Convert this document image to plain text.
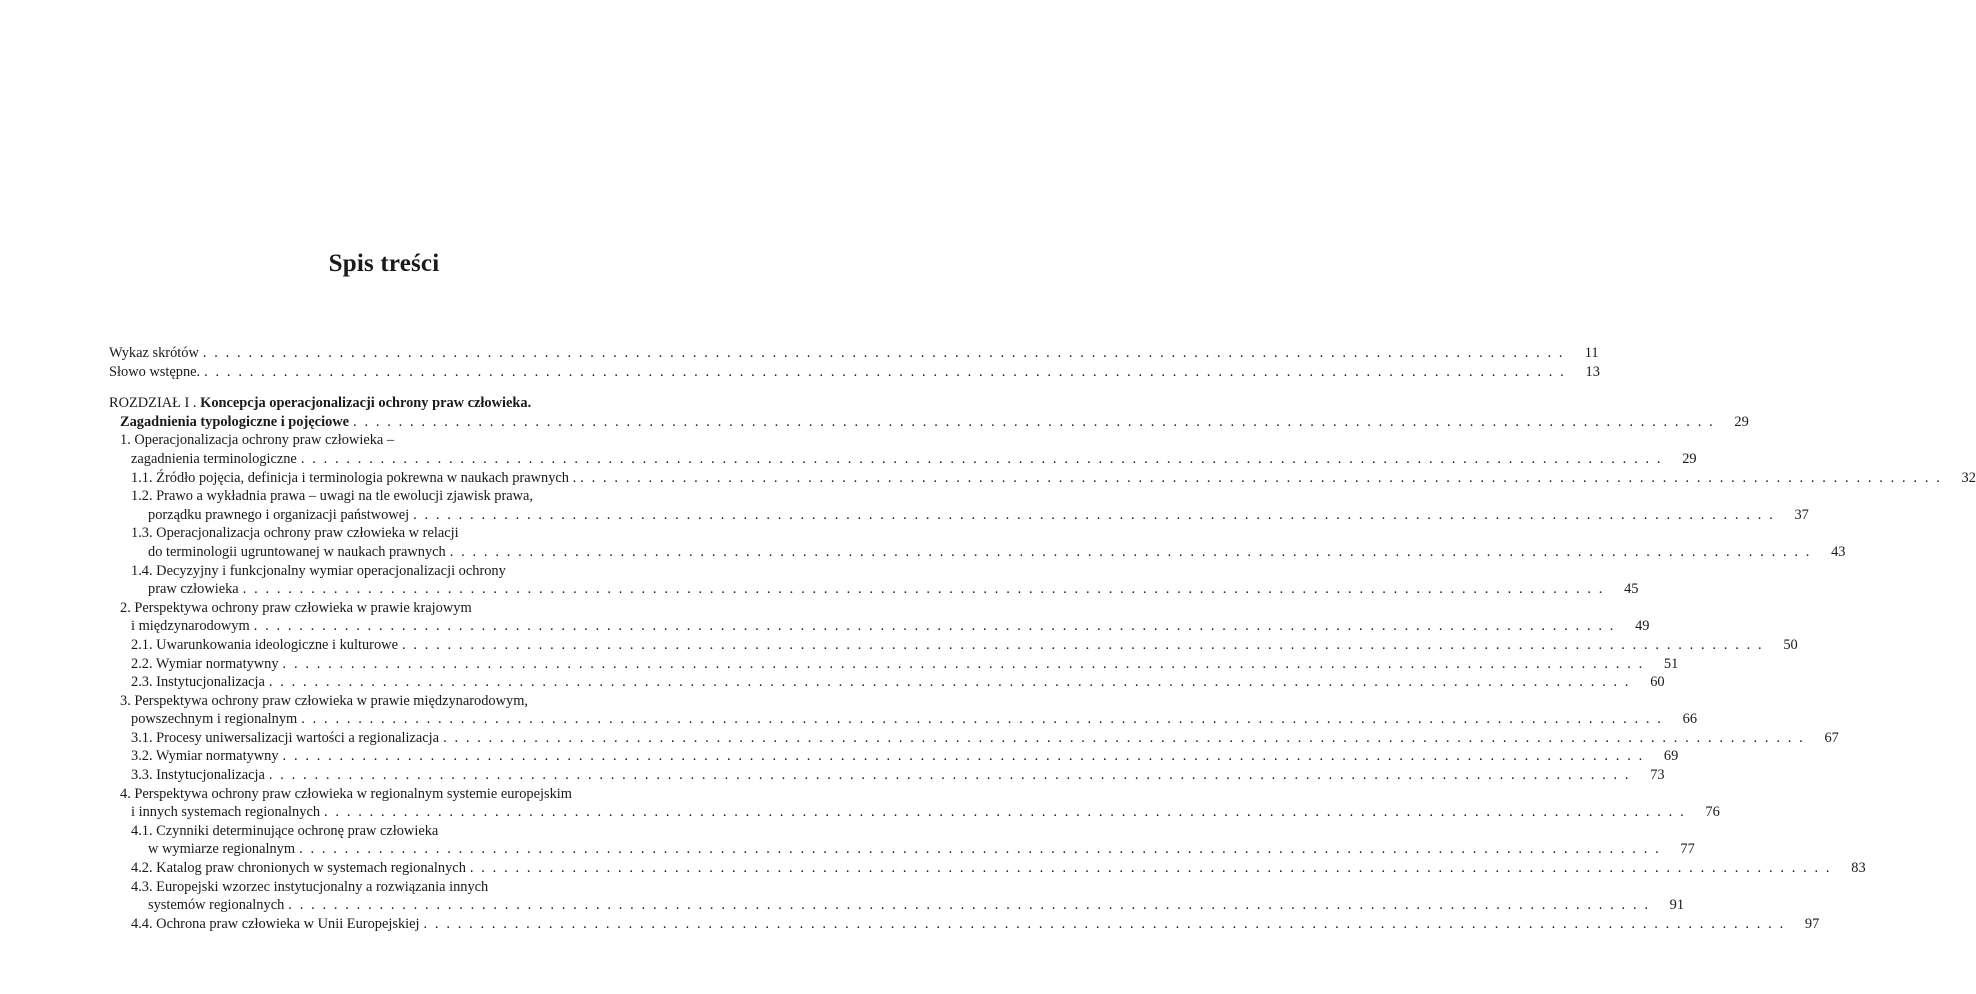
Spis treści
Wykaz skrótów . . . . . . . . . . . . . . . . . . . . . . . . . . . . . . . . . . . . . . . . . . . . . . . . . . . . . . . . . . . . . . . . . . . . . . . . . . . . . . . . . . . . . . . . . . . . . . . . . . . . . . . . . . . . . . . . . . . . . . . .	11
Słowo wstępne. . . . . . . . . . . . . . . . . . . . . . . . . . . . . . . . . . . . . . . . . . . . . . . . . . . . . . . . . . . . . . . . . . . . . . . . . . . . . . . . . . . . . . . . . . . . . . . . . . . . . . . . . . . . . . . . . . . . . . . . .	13
ROZDZIAŁ I . Koncepcja operacjonalizacji ochrony praw człowieka.
Zagadnienia typologiczne i pojęciowe . . . . . . . . . . . . . . . . . . . . . . . . . . . . . . . . . . . . . . . . . . . . . . . . . . . . . . . . . . . . . . . . . . . . . . . . . . . . . . . . . . . . . . . . . . . . . . . . . . . . . . . . . . . . . . . . . . . . . . . .	29
1. Operacjonalizacja ochrony praw człowieka –
zagadnienia terminologiczne . . . . . . . . . . . . . . . . . . . . . . . . . . . . . . . . . . . . . . . . . . . . . . . . . . . . . . . . . . . . . . . . . . . . . . . . . . . . . . . . . . . . . . . . . . . . . . . . . . . . . . . . . . . . . . . . . . . . . . . .	29
1.1. Źródło pojęcia, definicja i terminologia pokrewna w naukach prawnych . . . . . . . . . . . . . . . . . . . . . . . . . . . . . . . . . . . . . . . . . . . . . . . . . . . . . . . . . . . . . . . . . . . . . . . . . . . . . . . . . . . . . . . . . . . . . . . . . . . . . . . . . . . . . . . . . . . . . . . . .	32
1.2. Prawo a wykładnia prawa – uwagi na tle ewolucji zjawisk prawa,
porządku prawnego i organizacji państwowej . . . . . . . . . . . . . . . . . . . . . . . . . . . . . . . . . . . . . . . . . . . . . . . . . . . . . . . . . . . . . . . . . . . . . . . . . . . . . . . . . . . . . . . . . . . . . . . . . . . . . . . . . . . . . . . . . . . . . . . .	37
1.3. Operacjonalizacja ochrony praw człowieka w relacji
do terminologii ugruntowanej w naukach prawnych . . . . . . . . . . . . . . . . . . . . . . . . . . . . . . . . . . . . . . . . . . . . . . . . . . . . . . . . . . . . . . . . . . . . . . . . . . . . . . . . . . . . . . . . . . . . . . . . . . . . . . . . . . . . . . . . . . . . . . . .	43
1.4. Decyzyjny i funkcjonalny wymiar operacjonalizacji ochrony
praw człowieka . . . . . . . . . . . . . . . . . . . . . . . . . . . . . . . . . . . . . . . . . . . . . . . . . . . . . . . . . . . . . . . . . . . . . . . . . . . . . . . . . . . . . . . . . . . . . . . . . . . . . . . . . . . . . . . . . . . . . . . .	45
2. Perspektywa ochrony praw człowieka w prawie krajowym
i międzynarodowym . . . . . . . . . . . . . . . . . . . . . . . . . . . . . . . . . . . . . . . . . . . . . . . . . . . . . . . . . . . . . . . . . . . . . . . . . . . . . . . . . . . . . . . . . . . . . . . . . . . . . . . . . . . . . . . . . . . . . . . .	49
2.1. Uwarunkowania ideologiczne i kulturowe . . . . . . . . . . . . . . . . . . . . . . . . . . . . . . . . . . . . . . . . . . . . . . . . . . . . . . . . . . . . . . . . . . . . . . . . . . . . . . . . . . . . . . . . . . . . . . . . . . . . . . . . . . . . . . . . . . . . . . . .	50
2.2. Wymiar normatywny . . . . . . . . . . . . . . . . . . . . . . . . . . . . . . . . . . . . . . . . . . . . . . . . . . . . . . . . . . . . . . . . . . . . . . . . . . . . . . . . . . . . . . . . . . . . . . . . . . . . . . . . . . . . . . . . . . . . . . . .	51
2.3. Instytucjonalizacja . . . . . . . . . . . . . . . . . . . . . . . . . . . . . . . . . . . . . . . . . . . . . . . . . . . . . . . . . . . . . . . . . . . . . . . . . . . . . . . . . . . . . . . . . . . . . . . . . . . . . . . . . . . . . . . . . . . . . . . .	60
3. Perspektywa ochrony praw człowieka w prawie międzynarodowym,
powszechnym i regionalnym . . . . . . . . . . . . . . . . . . . . . . . . . . . . . . . . . . . . . . . . . . . . . . . . . . . . . . . . . . . . . . . . . . . . . . . . . . . . . . . . . . . . . . . . . . . . . . . . . . . . . . . . . . . . . . . . . . . . . . . .	66
3.1. Procesy uniwersalizacji wartości a regionalizacja . . . . . . . . . . . . . . . . . . . . . . . . . . . . . . . . . . . . . . . . . . . . . . . . . . . . . . . . . . . . . . . . . . . . . . . . . . . . . . . . . . . . . . . . . . . . . . . . . . . . . . . . . . . . . . . . . . . . . . . .	67
3.2. Wymiar normatywny . . . . . . . . . . . . . . . . . . . . . . . . . . . . . . . . . . . . . . . . . . . . . . . . . . . . . . . . . . . . . . . . . . . . . . . . . . . . . . . . . . . . . . . . . . . . . . . . . . . . . . . . . . . . . . . . . . . . . . . .	69
3.3. Instytucjonalizacja . . . . . . . . . . . . . . . . . . . . . . . . . . . . . . . . . . . . . . . . . . . . . . . . . . . . . . . . . . . . . . . . . . . . . . . . . . . . . . . . . . . . . . . . . . . . . . . . . . . . . . . . . . . . . . . . . . . . . . . .	73
4. Perspektywa ochrony praw człowieka w regionalnym systemie europejskim
i innych systemach regionalnych . . . . . . . . . . . . . . . . . . . . . . . . . . . . . . . . . . . . . . . . . . . . . . . . . . . . . . . . . . . . . . . . . . . . . . . . . . . . . . . . . . . . . . . . . . . . . . . . . . . . . . . . . . . . . . . . . . . . . . . .	76
4.1. Czynniki determinujące ochronę praw człowieka
w wymiarze regionalnym . . . . . . . . . . . . . . . . . . . . . . . . . . . . . . . . . . . . . . . . . . . . . . . . . . . . . . . . . . . . . . . . . . . . . . . . . . . . . . . . . . . . . . . . . . . . . . . . . . . . . . . . . . . . . . . . . . . . . . . .	77
4.2. Katalog praw chronionych w systemach regionalnych . . . . . . . . . . . . . . . . . . . . . . . . . . . . . . . . . . . . . . . . . . . . . . . . . . . . . . . . . . . . . . . . . . . . . . . . . . . . . . . . . . . . . . . . . . . . . . . . . . . . . . . . . . . . . . . . . . . . . . . .	83
4.3. Europejski wzorzec instytucjonalny a rozwiązania innych
systemów regionalnych . . . . . . . . . . . . . . . . . . . . . . . . . . . . . . . . . . . . . . . . . . . . . . . . . . . . . . . . . . . . . . . . . . . . . . . . . . . . . . . . . . . . . . . . . . . . . . . . . . . . . . . . . . . . . . . . . . . . . . . .	91
4.4. Ochrona praw człowieka w Unii Europejskiej . . . . . . . . . . . . . . . . . . . . . . . . . . . . . . . . . . . . . . . . . . . . . . . . . . . . . . . . . . . . . . . . . . . . . . . . . . . . . . . . . . . . . . . . . . . . . . . . . . . . . . . . . . . . . . . . . . . . . . . .	97
